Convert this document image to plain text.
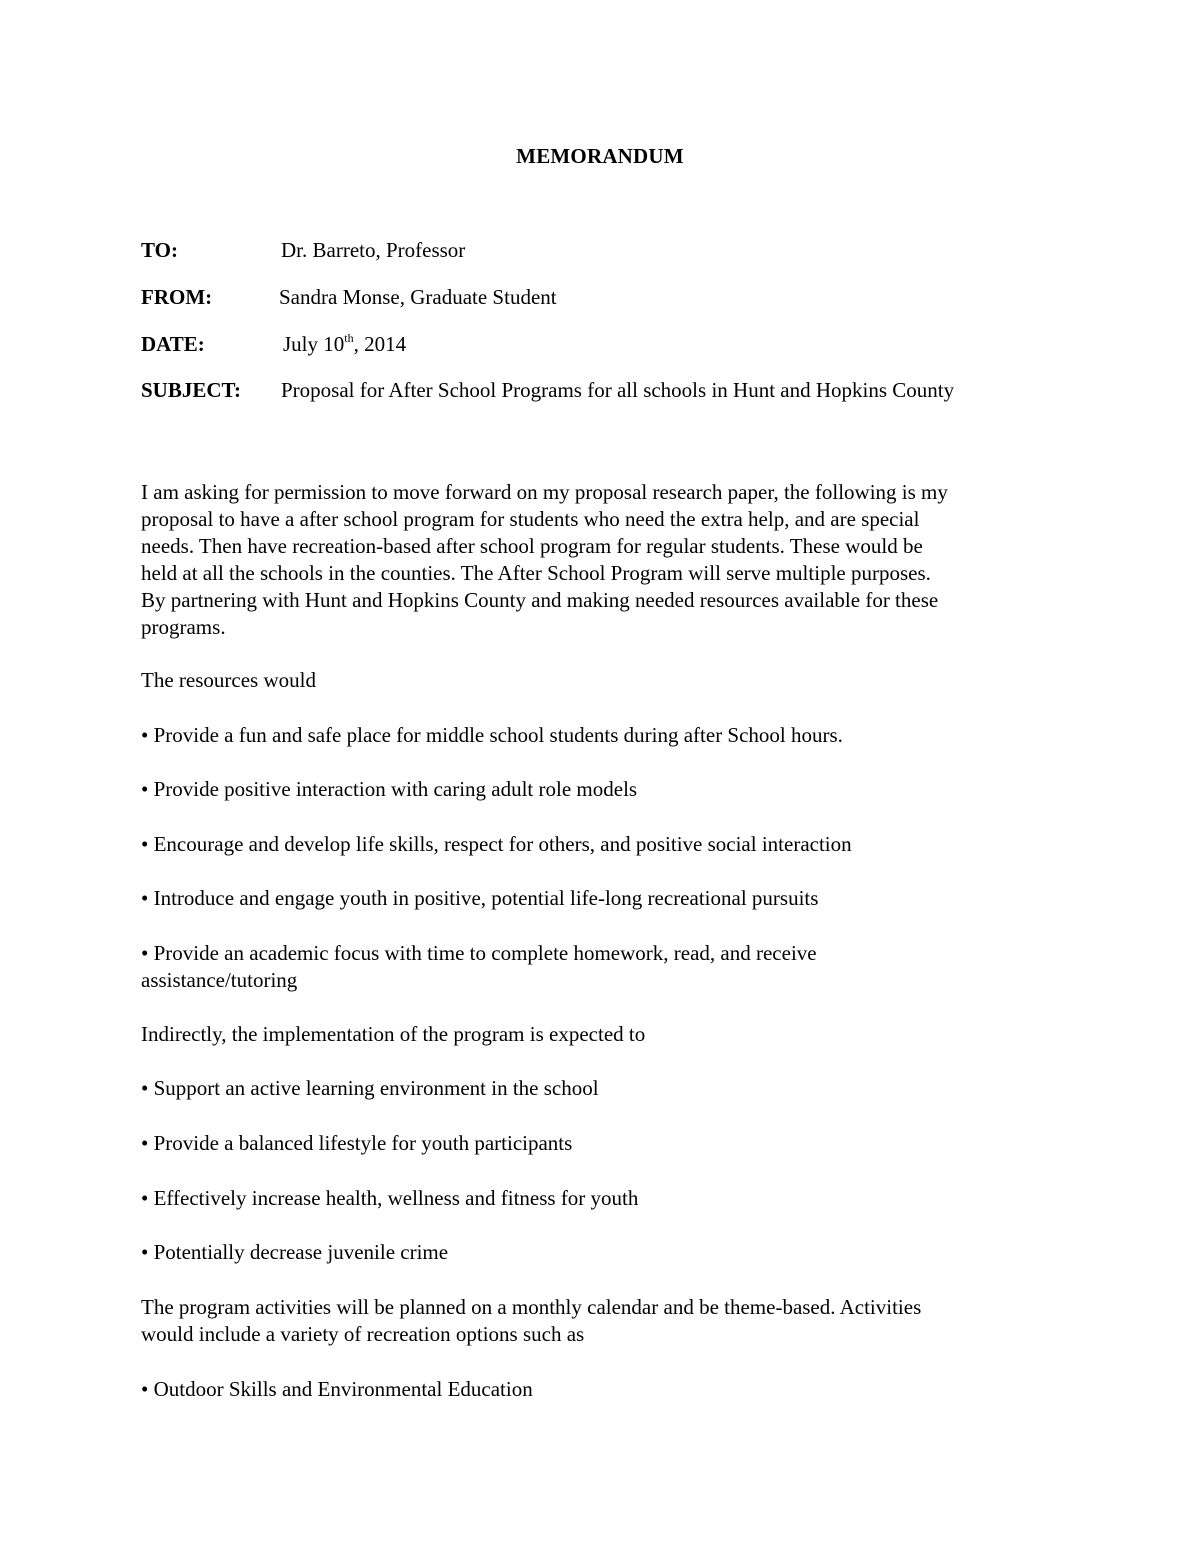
MEMORANDUM
TO:	Dr. Barreto, Professor
FROM:	Sandra Monse, Graduate Student
DATE:	July 10th, 2014
SUBJECT: Proposal for After School Programs for all schools in Hunt and Hopkins County

I am asking for permission to move forward on my proposal research paper, the following is my

proposal to have a after school program for students who need the extra help, and are special

needs. Then have recreation-based after school program for regular students. These would be

held at all the schools in the counties. The After School Program will serve multiple purposes.

By partnering with Hunt and Hopkins County and making needed resources available for these

programs.

The resources would
• Provide a fun and safe place for middle school students during after School hours.
• Provide positive interaction with caring adult role models
• Encourage and develop life skills, respect for others, and positive social interaction
• Introduce and engage youth in positive, potential life-long recreational pursuits
• Provide an academic focus with time to complete homework, read, and receive
assistance/tutoring
Indirectly, the implementation of the program is expected to
• Support an active learning environment in the school
• Provide a balanced lifestyle for youth participants
• Effectively increase health, wellness and fitness for youth
• Potentially decrease juvenile crime

The program activities will be planned on a monthly calendar and be theme-based. Activities

would include a variety of recreation options such as

• Outdoor Skills and Environmental Education
